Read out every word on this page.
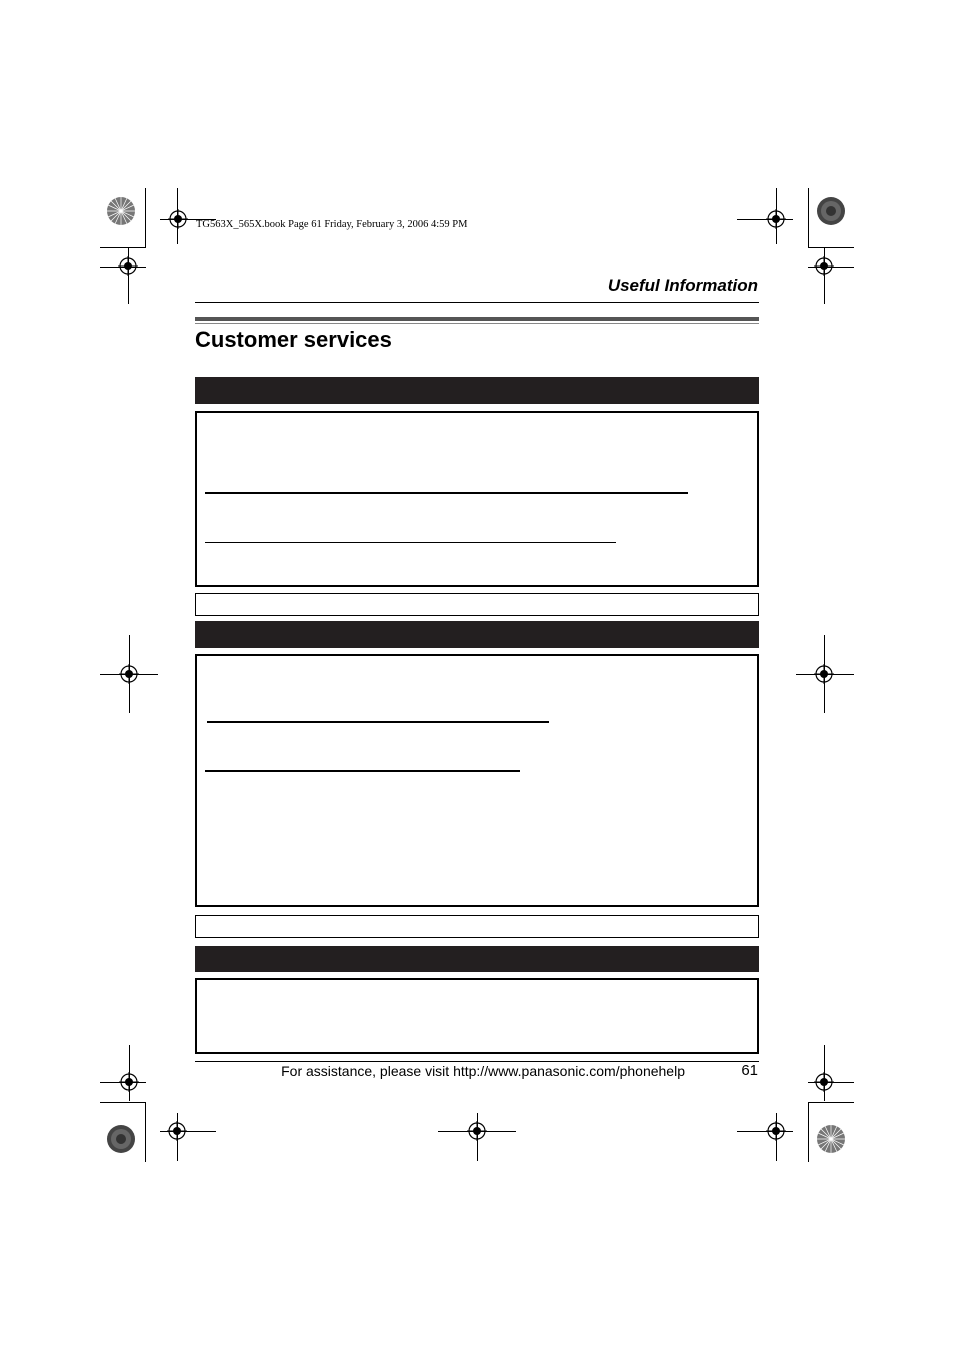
TG563X_565X.book Page 61 Friday, February 3, 2006 4:59 PM
Useful Information
Customer services
For assistance, please visit http://www.panasonic.com/phonehelp	61
